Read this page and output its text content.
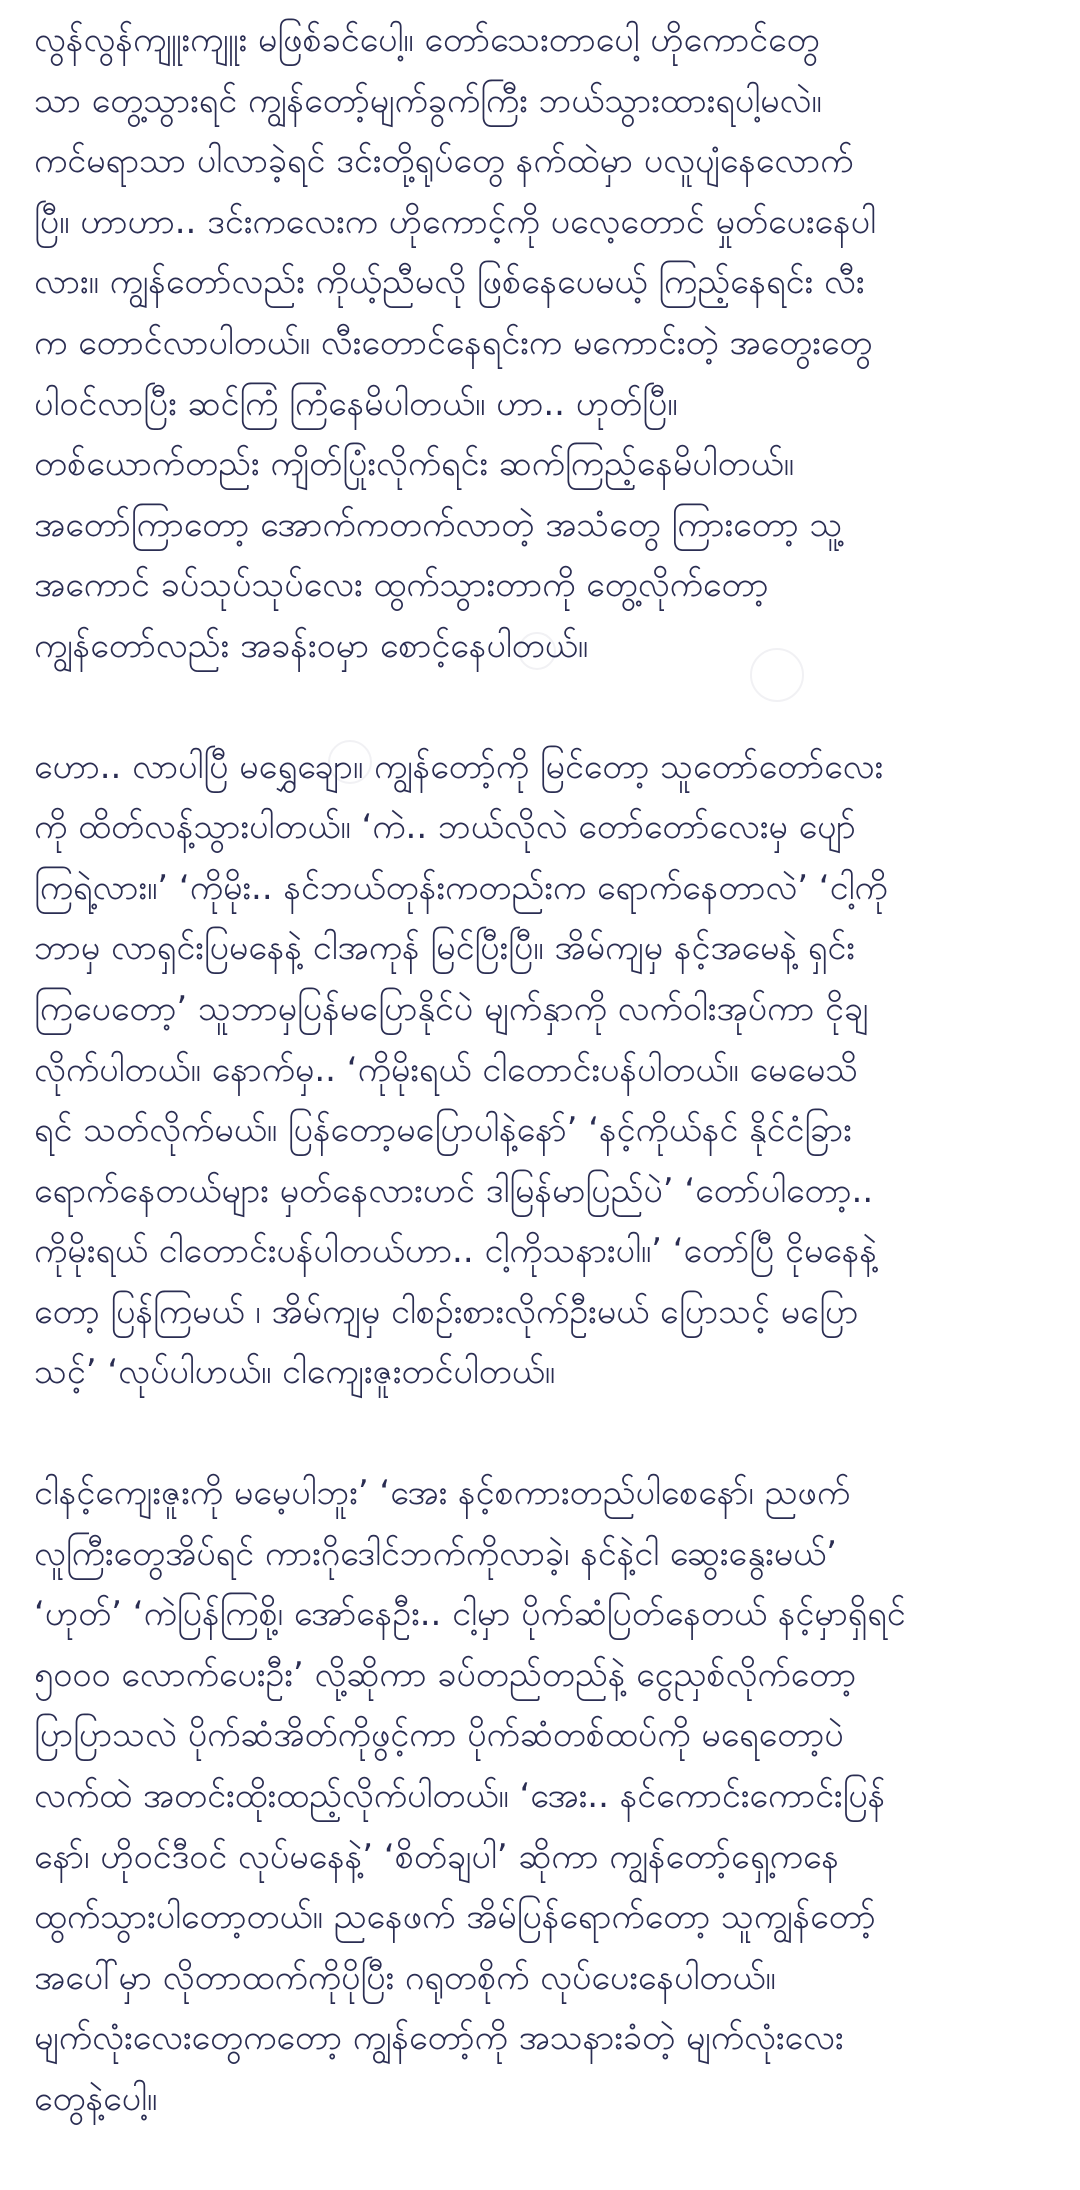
လွန်လွန်ကျူးကျူး မဖြစ်ခင်ပေါ့။ တော်သေးတာပေါ့ ဟိုကောင်တွေ
သာ တွေ့သွားရင် ကျွန်တော့်မျက်ခွက်ကြီး ဘယ်သွားထားရပါ့မလဲ။
ကင်မရာသာ ပါလာခဲ့ရင် ဒင်းတို့ရုပ်တွေ နက်ထဲမှာ ပလူပျံနေလောက်
ပြီ။ ဟာဟာ.. ဒင်းကလေးက ဟိုကောင့်ကို ပလေ့တောင် မှုတ်ပေးနေပါ
လား။ ကျွန်တော်လည်း ကိုယ့်ညီမလို ဖြစ်နေပေမယ့် ကြည့်နေရင်း လီး
က တောင်လာပါတယ်။ လီးတောင်နေရင်းက မကောင်းတဲ့ အတွေးတွေ
ပါဝင်လာပြီး ဆင်ကြံ ကြံနေမိပါတယ်။ ဟာ.. ဟုတ်ပြီ။
တစ်ယောက်တည်း ကျိတ်ပြုံးလိုက်ရင်း ဆက်ကြည့်နေမိပါတယ်။
အတော်ကြာတော့ အောက်ကတက်လာတဲ့ အသံတွေ ကြားတော့ သူ့
အကောင် ခပ်သုပ်သုပ်လေး ထွက်သွားတာကို တွေ့လိုက်တော့
ကျွန်တော်လည်း အခန်းဝမှာ စောင့်နေပါတယ်။
ဟော.. လာပါပြီ မရွှေချော။ ကျွန်တော့်ကို မြင်တော့ သူတော်တော်လေး
ကို ထိတ်လန့်သွားပါတယ်။ ‘ကဲ.. ဘယ်လိုလဲ တော်တော်လေးမှ ပျော်
ကြရဲ့လား။’ ‘ကိုမိုး.. နင်ဘယ်တုန်းကတည်းက ရောက်နေတာလဲ’ ‘ငါ့ကို
ဘာမှ လာရှင်းပြမနေနဲ့ ငါအကုန် မြင်ပြီးပြီ။ အိမ်ကျမှ နင့်အမေနဲ့ ရှင်း
ကြပေတော့’ သူဘာမှပြန်မပြောနိုင်ပဲ မျက်နှာကို လက်ဝါးအုပ်ကာ ငိုချ
လိုက်ပါတယ်။ နောက်မှ.. ‘ကိုမိုးရယ် ငါတောင်းပန်ပါတယ်။ မေမေသိ
ရင် သတ်လိုက်မယ်။ ပြန်တော့မပြောပါနဲ့နော်’ ‘နင့်ကိုယ်နင် နိုင်ငံခြား
ရောက်နေတယ်များ မှတ်နေလားဟင် ဒါမြန်မာပြည်ပဲ’ ‘တော်ပါတော့..
ကိုမိုးရယ် ငါတောင်းပန်ပါတယ်ဟာ.. ငါ့ကိုသနားပါ။’ ‘တော်ပြီ ငိုမနေနဲ့
တော့ ပြန်ကြမယ် ၊ အိမ်ကျမှ ငါစဉ်းစားလိုက်ဦးမယ် ပြောသင့် မပြော
သင့်’ ‘လုပ်ပါဟယ်။ ငါကျေးဇူးတင်ပါတယ်။
ငါနင့်ကျေးဇူးကို မမေ့ပါဘူး’ ‘အေး နင့်စကားတည်ပါစေနော်၊ ညဖက်
လူကြီးတွေအိပ်ရင် ကားဂိုဒေါင်ဘက်ကိုလာခဲ့၊ နင်နဲ့ငါ ဆွေးနွေးမယ်’
‘ဟုတ်’ ‘ကဲပြန်ကြစို့၊ အော်နေဦး.. ငါ့မှာ ပိုက်ဆံပြတ်နေတယ် နင့်မှာရှိရင်
၅၀၀၀ လောက်ပေးဦး’ လို့ဆိုကာ ခပ်တည်တည်နဲ့ ငွေညှစ်လိုက်တော့
ပြာပြာသလဲ ပိုက်ဆံအိတ်ကိုဖွင့်ကာ ပိုက်ဆံတစ်ထပ်ကို မရေတော့ပဲ
လက်ထဲ အတင်းထိုးထည့်လိုက်ပါတယ်။ ‘အေး.. နင်ကောင်းကောင်းပြန်
နော်၊ ဟိုဝင်ဒီဝင် လုပ်မနေနဲ့’ ‘စိတ်ချပါ’ ဆိုကာ ကျွန်တော့်ရှေ့ကနေ
ထွက်သွားပါတော့တယ်။ ညနေဖက် အိမ်ပြန်ရောက်တော့ သူကျွန်တော့်
အပေါ်မှာ လိုတာထက်ကိုပိုပြီး ဂရုတစိုက် လုပ်ပေးနေပါတယ်။
မျက်လုံးလေးတွေကတော့ ကျွန်တော့်ကို အသနားခံတဲ့ မျက်လုံးလေး
တွေနဲ့ပေါ့။
